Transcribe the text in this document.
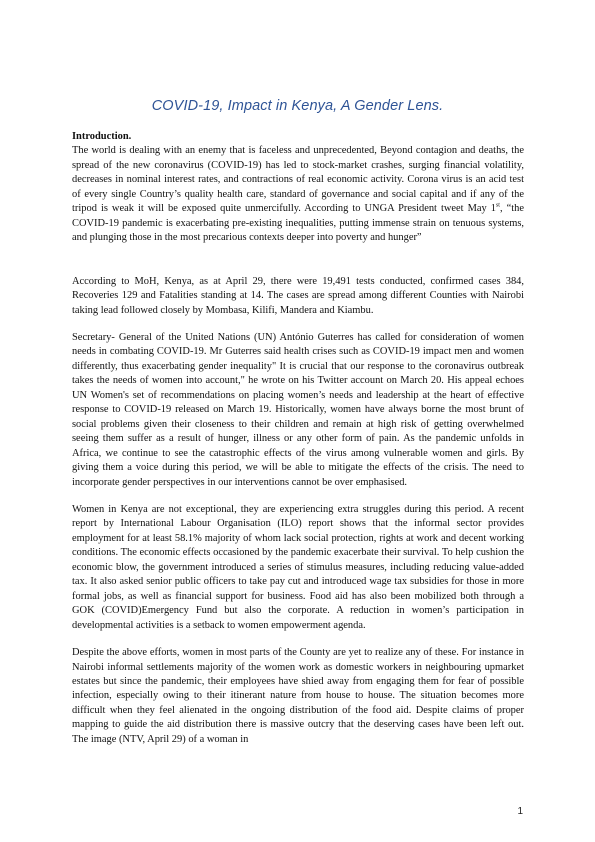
COVID-19, Impact in Kenya, A Gender Lens.

Introduction.

The world is dealing with an enemy that is faceless and unprecedented, Beyond contagion and deaths, the spread of the new coronavirus (COVID-19) has led to stock-market crashes, surging financial volatility, decreases in nominal interest rates, and contractions of real economic activity. Corona virus is an acid test of every single Country’s quality health care, standard of governance and social capital and if any of the tripod is weak it will be exposed quite unmercifully. According to UNGA President tweet May 1st, “the COVID-19 pandemic is exacerbating pre-existing inequalities, putting immense strain on tenuous systems, and plunging those in the most precarious contexts deeper into poverty and hunger”

According to MoH, Kenya, as at April 29, there were 19,491 tests conducted, confirmed cases 384, Recoveries 129 and Fatalities standing at 14. The cases are spread among different Counties with Nairobi taking lead followed closely by Mombasa, Kilifi, Mandera and Kiambu.

Secretary- General of the United Nations (UN) António Guterres has called for consideration of women needs in combating COVID-19. Mr Guterres said health crises such as COVID-19 impact men and women differently, thus exacerbating gender inequality" It is crucial that our response to the coronavirus outbreak takes the needs of women into account," he wrote on his Twitter account on March 20. His appeal echoes UN Women's set of recommendations on placing women’s needs and leadership at the heart of effective response to COVID-19 released on March 19. Historically, women have always borne the most brunt of social problems given their closeness to their children and remain at high risk of getting overwhelmed seeing them suffer as a result of hunger, illness or any other form of pain. As the pandemic unfolds in Africa, we continue to see the catastrophic effects of the virus among vulnerable women and girls. By giving them a voice during this period, we will be able to mitigate the effects of the crisis. The need to incorporate gender perspectives in our interventions cannot be over emphasised.

Women in Kenya are not exceptional, they are experiencing extra struggles during this period. A recent report by International Labour Organisation (ILO) report shows that the informal sector provides employment for at least 58.1% majority of whom lack social protection, rights at work and decent working conditions. The economic effects occasioned by the pandemic exacerbate their survival. To help cushion the economic blow, the government introduced a series of stimulus measures, including reducing value-added tax. It also asked senior public officers to take pay cut and introduced wage tax subsidies for those in more formal jobs, as well as financial support for business. Food aid has also been mobilized both through a GOK (COVID)Emergency Fund but also the corporate. A reduction in women’s participation in developmental activities is a setback to women empowerment agenda.

Despite the above efforts, women in most parts of the County are yet to realize any of these. For instance in Nairobi informal settlements majority of the women work as domestic workers in neighbouring upmarket estates but since the pandemic, their employees have shied away from engaging them for fear of possible infection, especially owing to their itinerant nature from house to house. The situation becomes more difficult when they feel alienated in the ongoing distribution of the food aid. Despite claims of proper mapping to guide the aid distribution there is massive outcry that the deserving cases have been left out. The image (NTV, April 29) of a woman in

1
